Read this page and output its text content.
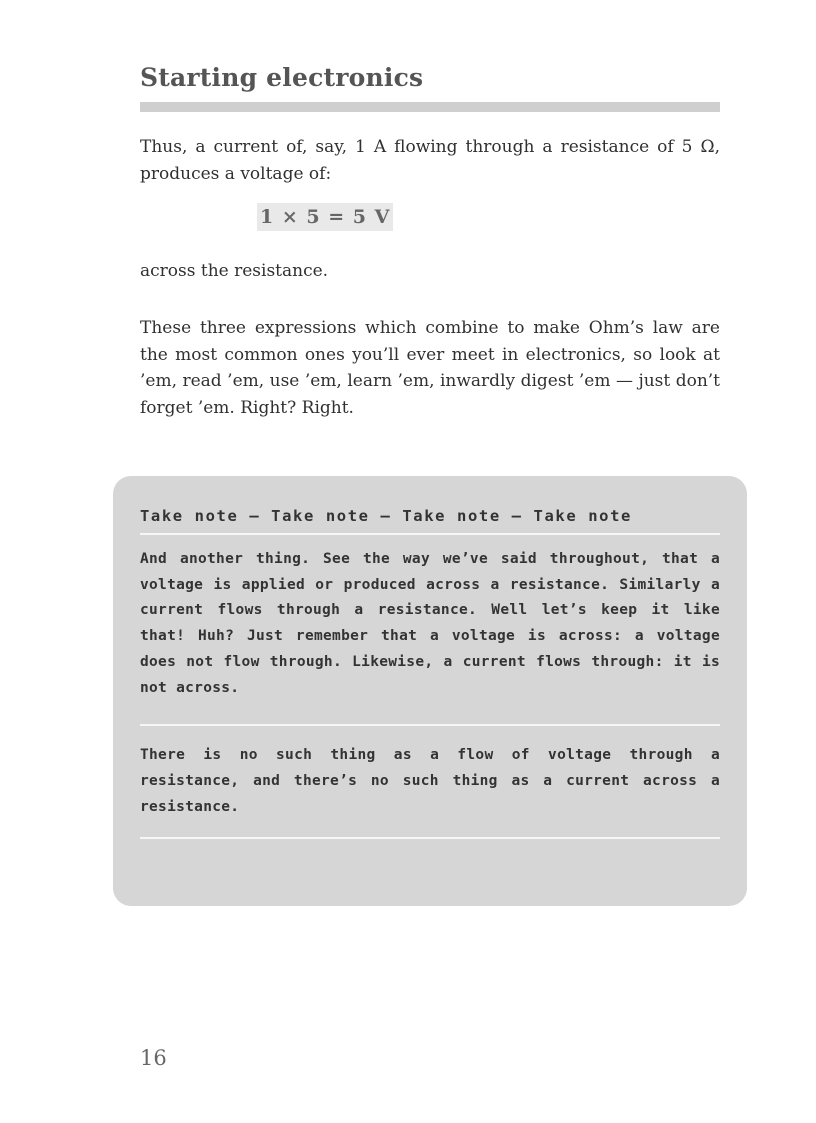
Starting electronics

Thus, a current of, say, 1 A flowing through a resistance of 5 Ω, produces a voltage of:

1 × 5 = 5 V

across the resistance.

These three expressions which combine to make Ohm’s law are the most common ones you’ll ever meet in electronics, so look at ’em, read ’em, use ’em, learn ’em, inwardly digest ’em — just don’t forget ’em. Right? Right.

Take note — Take note — Take note — Take note

And another thing. See the way we’ve said throughout, that a voltage is applied or produced across a resistance. Similarly a current flows through a resistance. Well let’s keep it like that! Huh? Just remember that a voltage is across: a voltage does not flow through. Likewise, a current flows through: it is not across.

There is no such thing as a flow of voltage through a resistance, and there’s no such thing as a current across a resistance.

16
